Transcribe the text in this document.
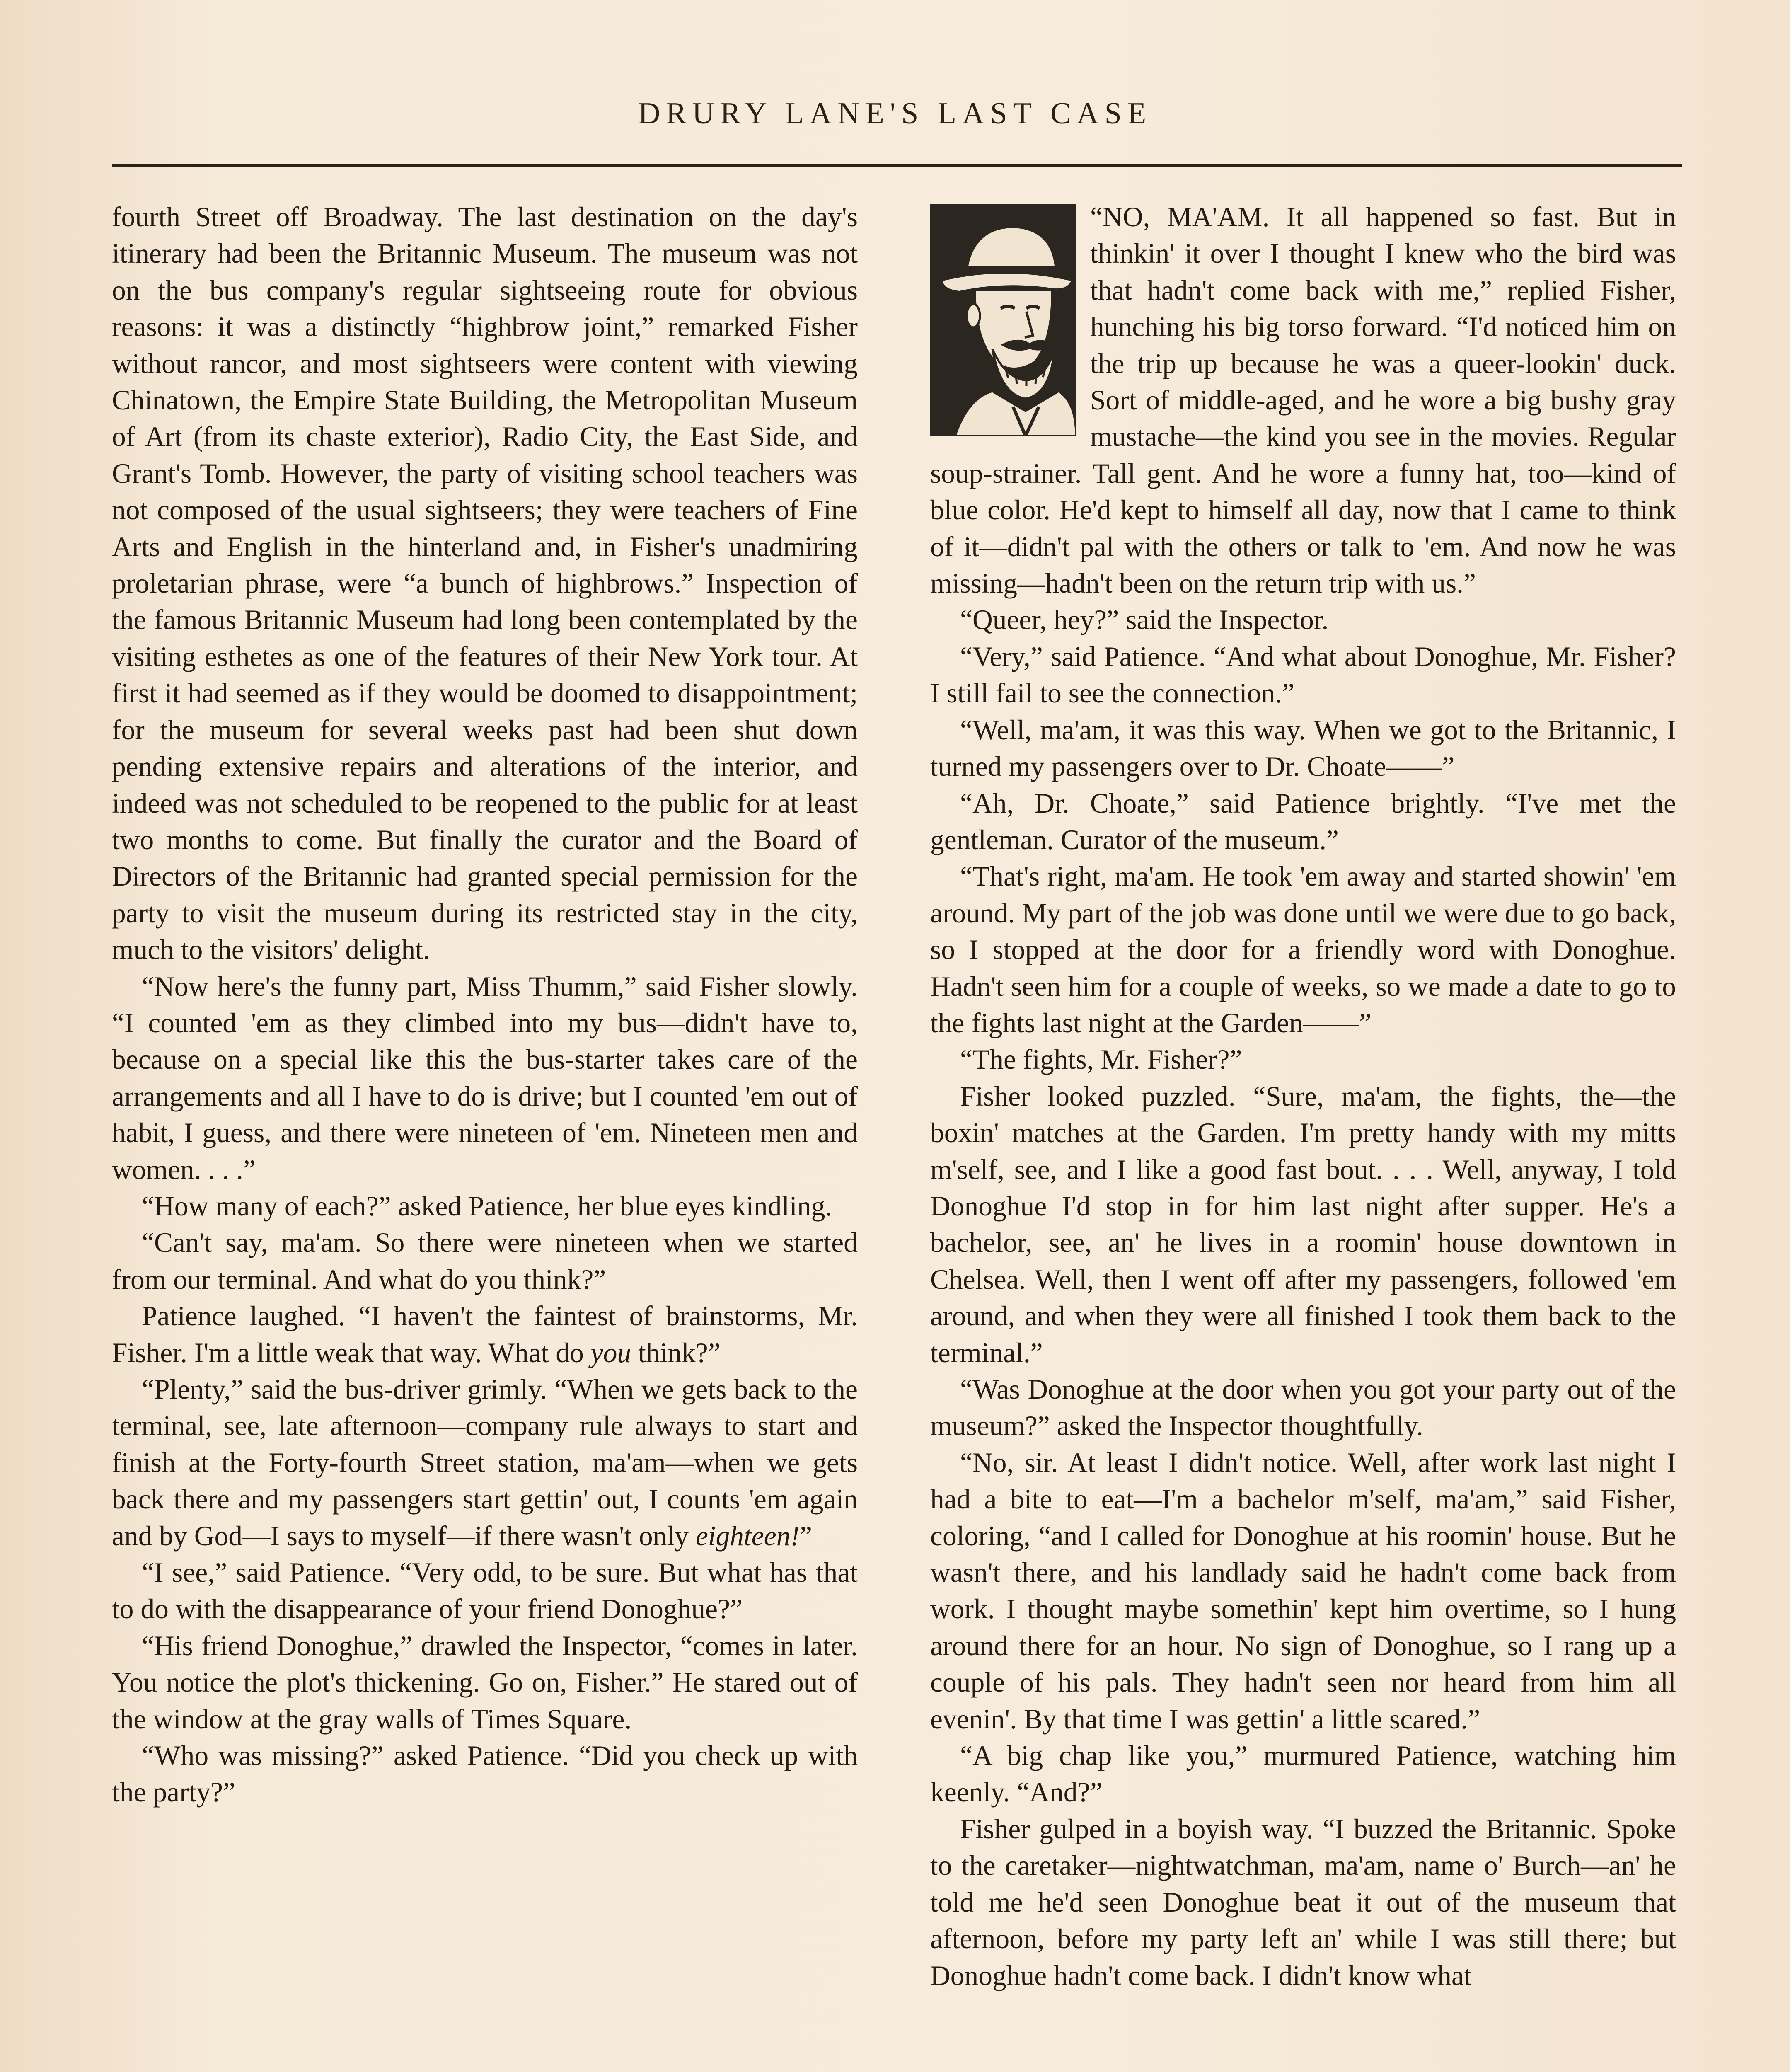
DRURY LANE'S LAST CASE

fourth Street off Broadway. The last destination on the day's itinerary had been the Britannic Museum. The museum was not on the bus company's regular sightseeing route for obvious reasons: it was a distinctly “highbrow joint,” remarked Fisher without rancor, and most sightseers were content with viewing Chinatown, the Empire State Building, the Metropolitan Museum of Art (from its chaste exterior), Radio City, the East Side, and Grant's Tomb. However, the party of visiting school teachers was not composed of the usual sightseers; they were teachers of Fine Arts and English in the hinterland and, in Fisher's unadmiring proletarian phrase, were “a bunch of highbrows.” Inspection of the famous Britannic Museum had long been contemplated by the visiting esthetes as one of the features of their New York tour. At first it had seemed as if they would be doomed to disappointment; for the museum for several weeks past had been shut down pending extensive repairs and alterations of the interior, and indeed was not scheduled to be reopened to the public for at least two months to come. But finally the curator and the Board of Directors of the Britannic had granted special permission for the party to visit the museum during its restricted stay in the city, much to the visitors' delight.

“Now here's the funny part, Miss Thumm,” said Fisher slowly. “I counted 'em as they climbed into my bus—didn't have to, because on a special like this the bus-starter takes care of the arrangements and all I have to do is drive; but I counted 'em out of habit, I guess, and there were nineteen of 'em. Nineteen men and women. . . .”

“How many of each?” asked Patience, her blue eyes kindling.

“Can't say, ma'am. So there were nineteen when we started from our terminal. And what do you think?”

Patience laughed. “I haven't the faintest of brainstorms, Mr. Fisher. I'm a little weak that way. What do you think?”

“Plenty,” said the bus-driver grimly. “When we gets back to the terminal, see, late afternoon—company rule always to start and finish at the Forty-fourth Street station, ma'am—when we gets back there and my passengers start gettin' out, I counts 'em again and by God—I says to myself—if there wasn't only eighteen!”

“I see,” said Patience. “Very odd, to be sure. But what has that to do with the disappearance of your friend Donoghue?”

“His friend Donoghue,” drawled the Inspector, “comes in later. You notice the plot's thickening. Go on, Fisher.” He stared out of the window at the gray walls of Times Square.

“Who was missing?” asked Patience. “Did you check up with the party?”

“NO, MA'AM. It all happened so fast. But in thinkin' it over I thought I knew who the bird was that hadn't come back with me,” replied Fisher, hunching his big torso forward. “I'd noticed him on the trip up because he was a queer-lookin' duck. Sort of middle-aged, and he wore a big bushy gray mustache—the kind you see in the movies. Regular soup-strainer. Tall gent. And he wore a funny hat, too—kind of blue color. He'd kept to himself all day, now that I came to think of it—didn't pal with the others or talk to 'em. And now he was missing—hadn't been on the return trip with us.”

“Queer, hey?” said the Inspector.

“Very,” said Patience. “And what about Donoghue, Mr. Fisher? I still fail to see the connection.”

“Well, ma'am, it was this way. When we got to the Britannic, I turned my passengers over to Dr. Choate——”

“Ah, Dr. Choate,” said Patience brightly. “I've met the gentleman. Curator of the museum.”

“That's right, ma'am. He took 'em away and started showin' 'em around. My part of the job was done until we were due to go back, so I stopped at the door for a friendly word with Donoghue. Hadn't seen him for a couple of weeks, so we made a date to go to the fights last night at the Garden——”

“The fights, Mr. Fisher?”

Fisher looked puzzled. “Sure, ma'am, the fights, the—the boxin' matches at the Garden. I'm pretty handy with my mitts m'self, see, and I like a good fast bout. . . . Well, anyway, I told Donoghue I'd stop in for him last night after supper. He's a bachelor, see, an' he lives in a roomin' house downtown in Chelsea. Well, then I went off after my passengers, followed 'em around, and when they were all finished I took them back to the terminal.”

“Was Donoghue at the door when you got your party out of the museum?” asked the Inspector thoughtfully.

“No, sir. At least I didn't notice. Well, after work last night I had a bite to eat—I'm a bachelor m'self, ma'am,” said Fisher, coloring, “and I called for Donoghue at his roomin' house. But he wasn't there, and his landlady said he hadn't come back from work. I thought maybe somethin' kept him overtime, so I hung around there for an hour. No sign of Donoghue, so I rang up a couple of his pals. They hadn't seen nor heard from him all evenin'. By that time I was gettin' a little scared.”

“A big chap like you,” murmured Patience, watching him keenly. “And?”

Fisher gulped in a boyish way. “I buzzed the Britannic. Spoke to the caretaker—nightwatchman, ma'am, name o' Burch—an' he told me he'd seen Donoghue beat it out of the museum that afternoon, before my party left an' while I was still there; but Donoghue hadn't come back. I didn't know what
